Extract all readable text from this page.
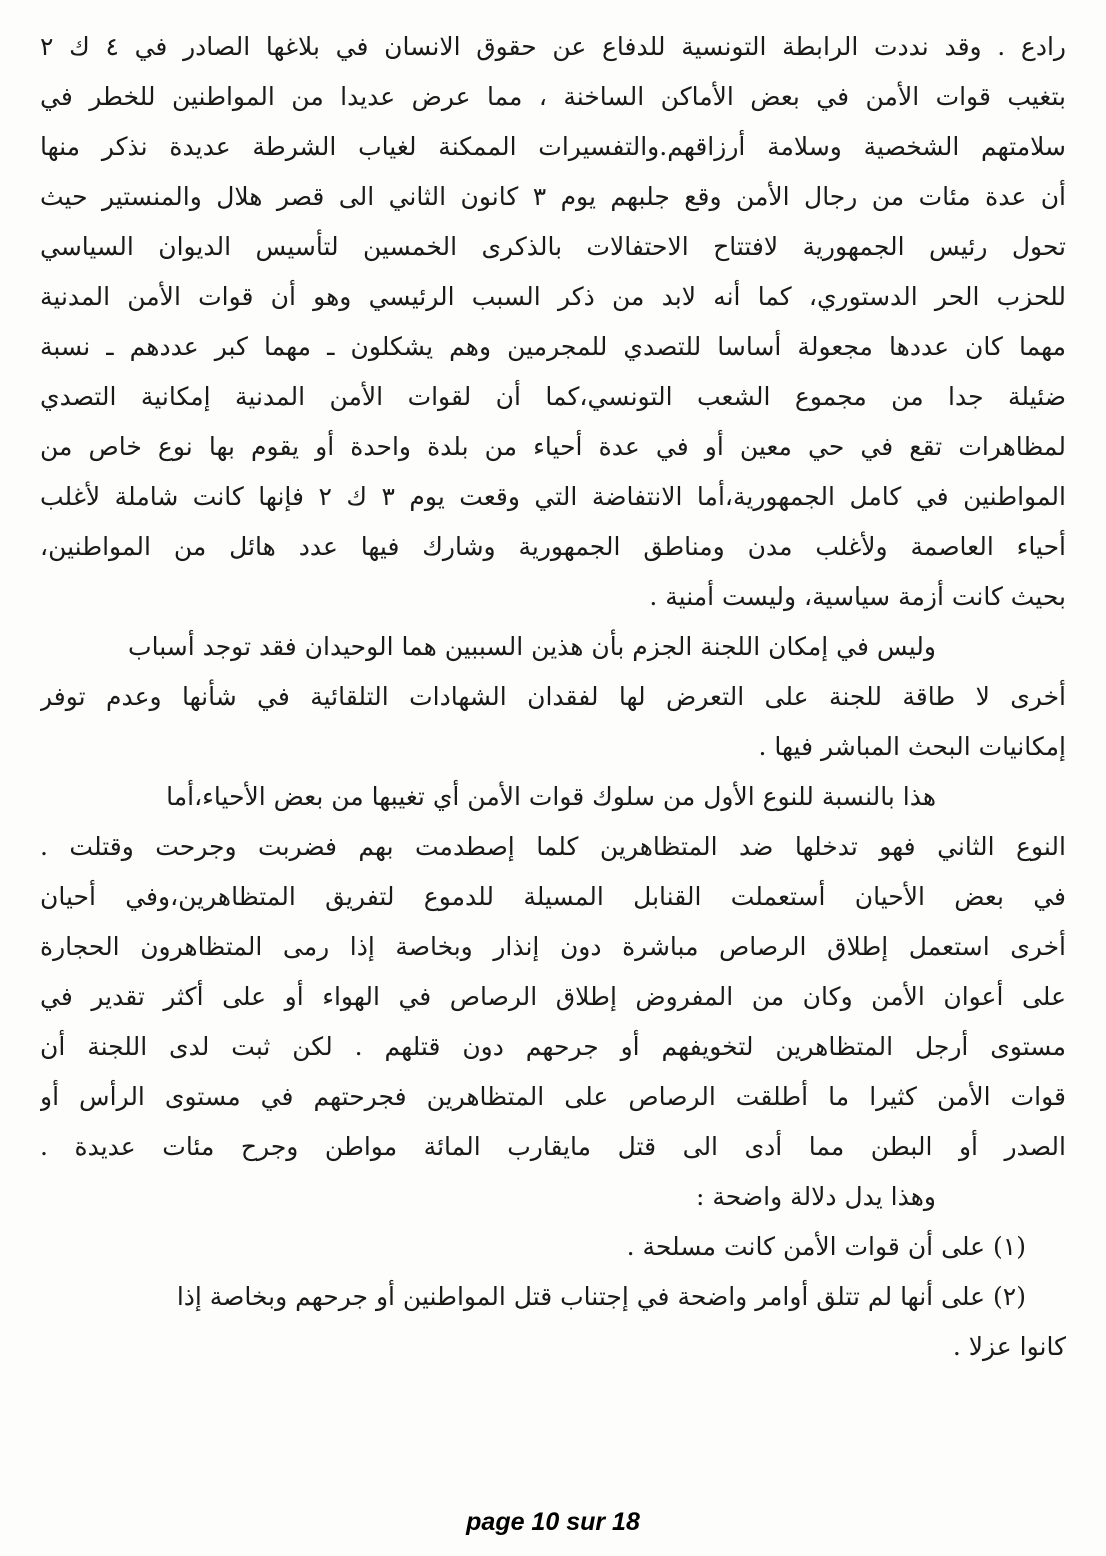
رادع . وقد نددت الرابطة التونسية للدفاع عن حقوق الانسان في بلاغها الصادر في ٤ ك ٢
بتغيب قوات الأمن في بعض الأماكن الساخنة ، مما عرض عديدا من المواطنين للخطر في
سلامتهم الشخصية وسلامة أرزاقهم.والتفسيرات الممكنة لغياب الشرطة عديدة نذكر منها
أن عدة مئات من رجال الأمن وقع جلبهم يوم ٣ كانون الثاني الى قصر هلال والمنستير حيث
تحول رئيس الجمهورية لافتتاح الاحتفالات بالذكرى الخمسين لتأسيس الديوان السياسي
للحزب الحر الدستوري، كما أنه لابد من ذكر السبب الرئيسي وهو أن قوات الأمن المدنية
مهما كان عددها مجعولة أساسا للتصدي للمجرمين وهم يشكلون ـ مهما كبر عددهم ـ نسبة
ضئيلة جدا من مجموع الشعب التونسي،كما أن لقوات الأمن المدنية إمكانية التصدي
لمظاهرات تقع في حي معين أو في عدة أحياء من بلدة واحدة أو يقوم بها نوع خاص من
المواطنين في كامل الجمهورية،أما الانتفاضة التي وقعت يوم ٣ ك ٢ فإنها كانت شاملة لأغلب
أحياء العاصمة ولأغلب مدن ومناطق الجمهورية وشارك فيها عدد هائل من المواطنين،
بحيث كانت أزمة سياسية، وليست أمنية .
وليس في إمكان اللجنة الجزم بأن هذين السببين هما الوحيدان فقد توجد أسباب
أخرى لا طاقة للجنة على التعرض لها لفقدان الشهادات التلقائية في شأنها وعدم توفر
إمكانيات البحث المباشر فيها .
هذا بالنسبة للنوع الأول من سلوك قوات الأمن أي تغيبها من بعض الأحياء،أما
النوع الثاني فهو تدخلها ضد المتظاهرين كلما إصطدمت بهم فضربت وجرحت وقتلت .
في بعض الأحيان أستعملت القنابل المسيلة للدموع لتفريق المتظاهرين،وفي أحيان
أخرى استعمل إطلاق الرصاص مباشرة دون إنذار وبخاصة إذا رمى المتظاهرون الحجارة
على أعوان الأمن وكان من المفروض إطلاق الرصاص في الهواء أو على أكثر تقدير في
مستوى أرجل المتظاهرين لتخويفهم أو جرحهم دون قتلهم . لكن ثبت لدى اللجنة أن
قوات الأمن كثيرا ما أطلقت الرصاص على المتظاهرين فجرحتهم في مستوى الرأس أو
الصدر أو البطن مما أدى الى قتل مايقارب المائة مواطن وجرح مئات عديدة .
وهذا يدل دلالة واضحة :
(١) على أن قوات الأمن كانت مسلحة .
(٢) على أنها لم تتلق أوامر واضحة في إجتناب قتل المواطنين أو جرحهم وبخاصة إذا
كانوا عزلا .
page 10 sur 18
